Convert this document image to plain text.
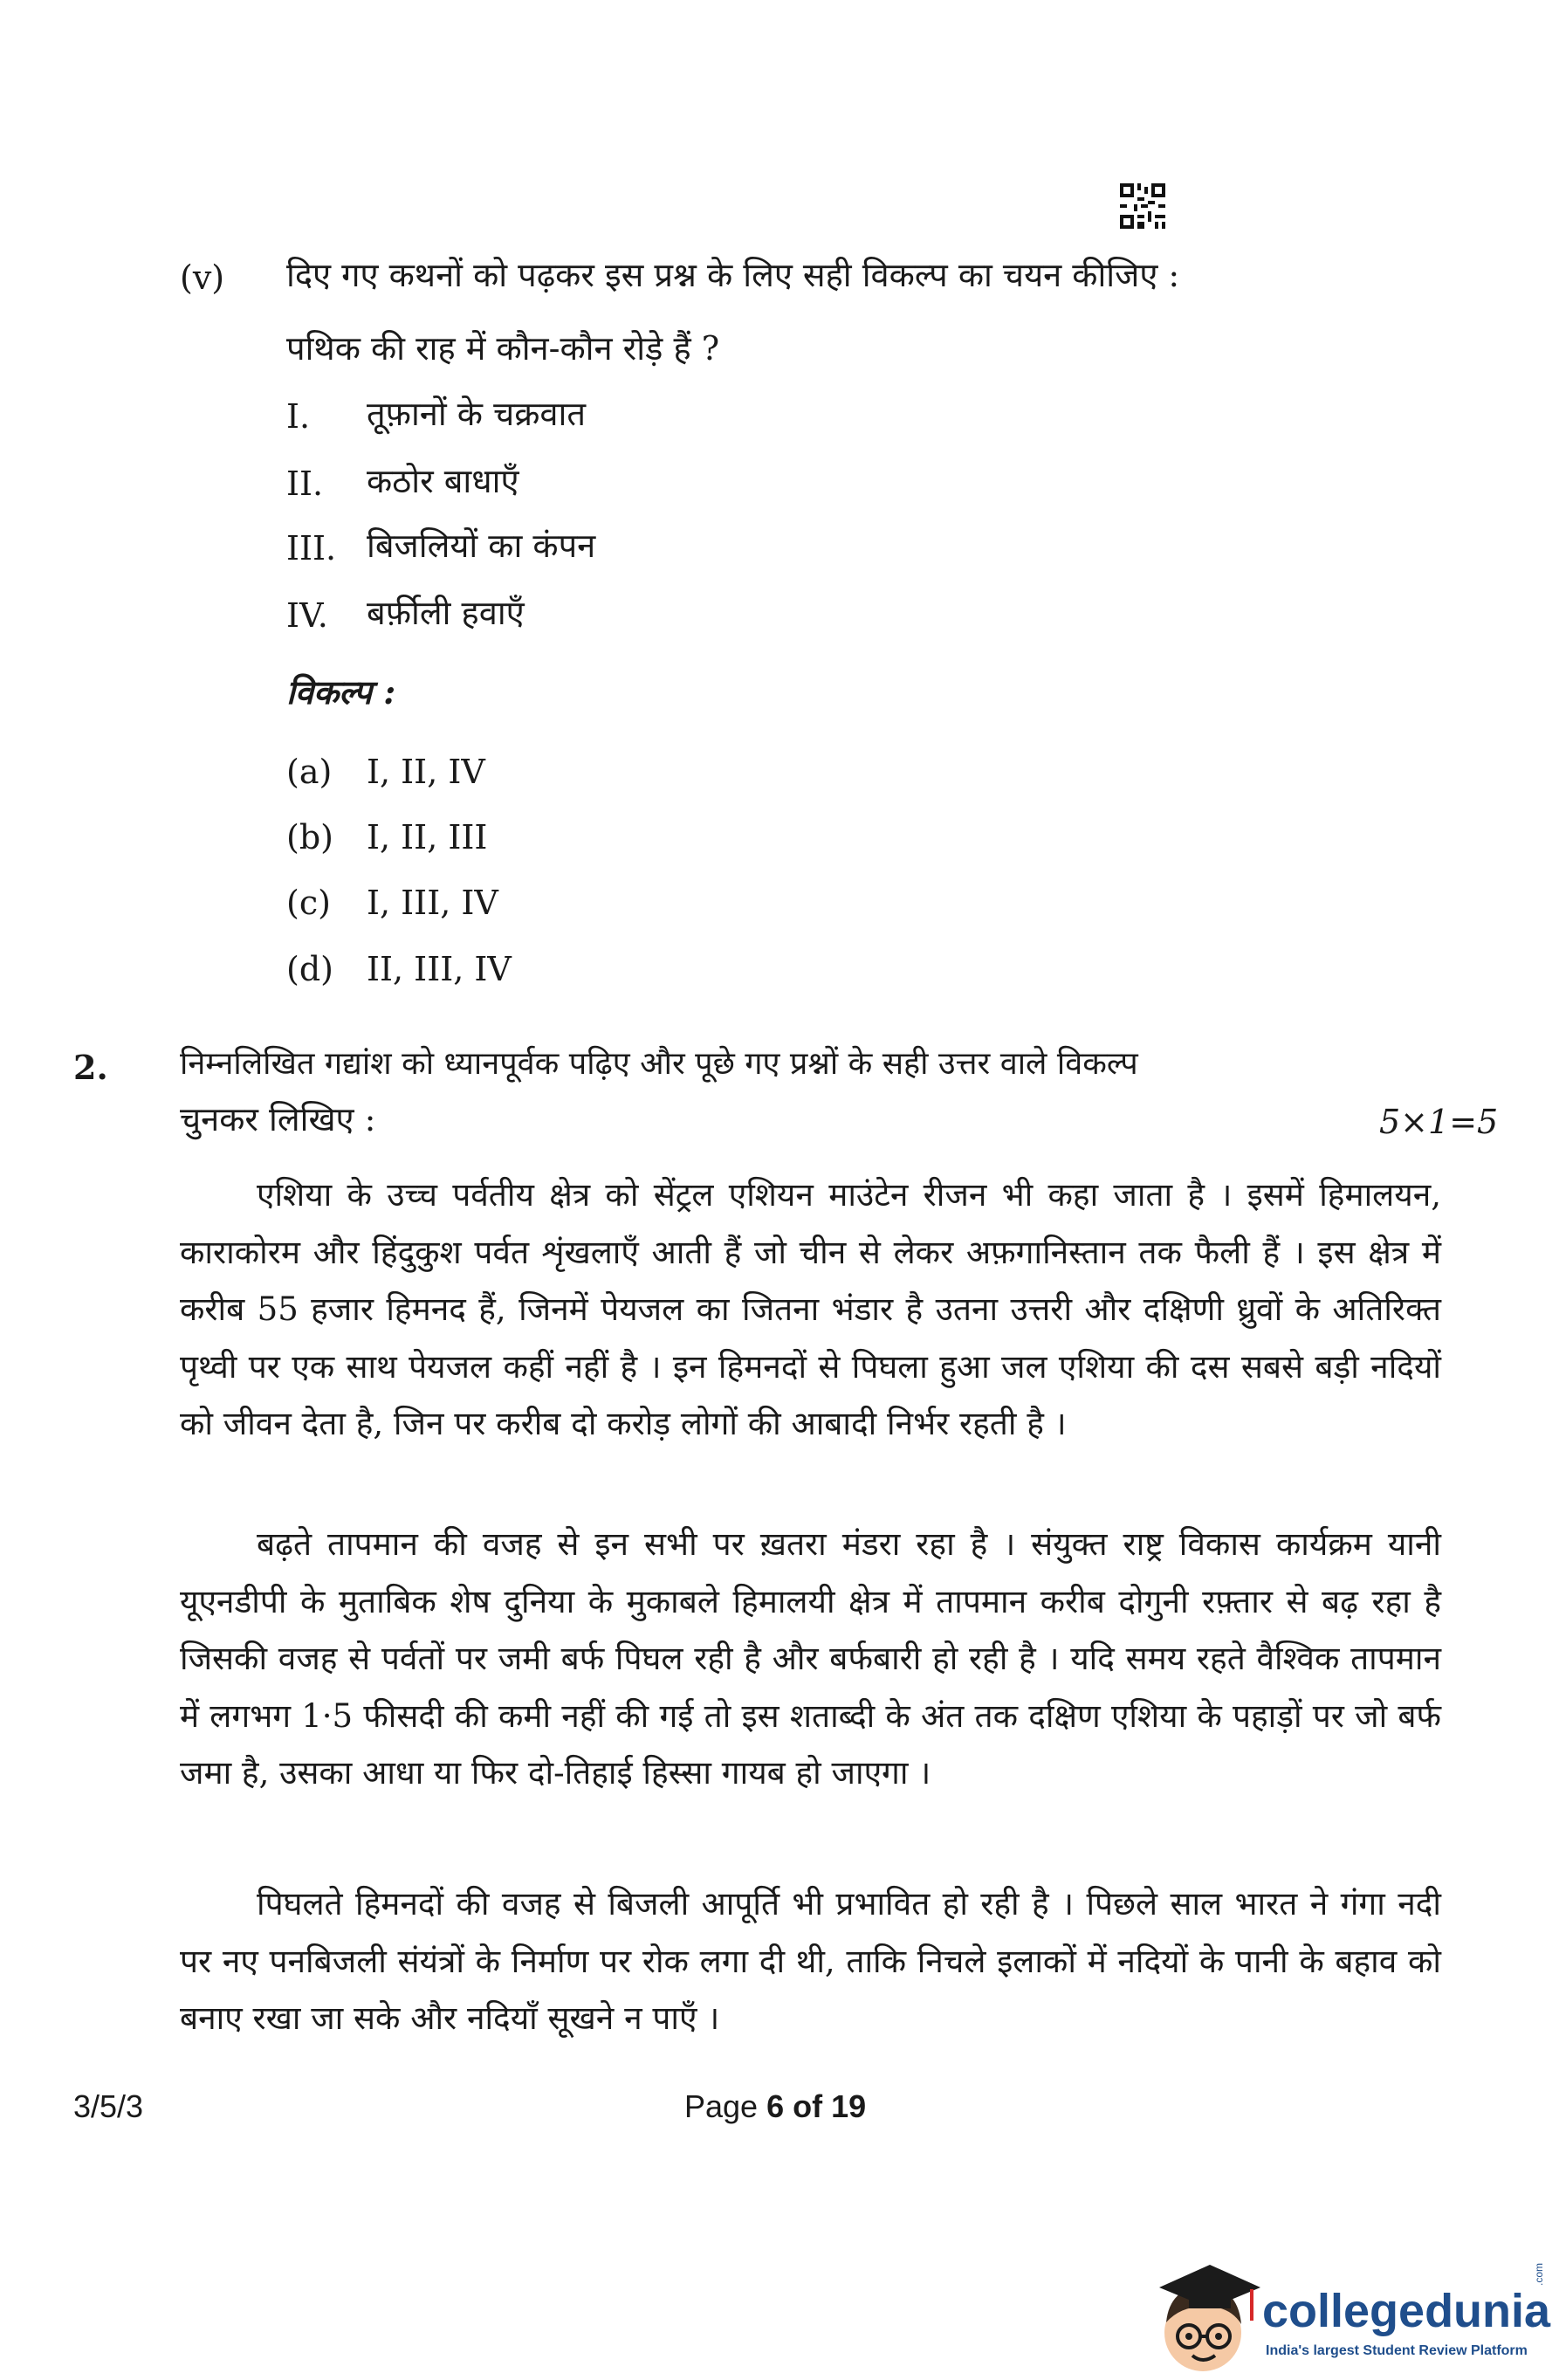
(v) दिए गए कथनों को पढ़कर इस प्रश्न के लिए सही विकल्प का चयन कीजिए :
पथिक की राह में कौन-कौन रोड़े हैं ?
I. तूफ़ानों के चक्रवात
II. कठोर बाधाएँ
III. बिजलियों का कंपन
IV. बर्फ़ीली हवाएँ
विकल्प :
(a) I, II, IV
(b) I, II, III
(c) I, III, IV
(d) II, III, IV
2. निम्नलिखित गद्यांश को ध्यानपूर्वक पढ़िए और पूछे गए प्रश्नों के सही उत्तर वाले विकल्प
चुनकर लिखिए :	5×1=5
एशिया के उच्च पर्वतीय क्षेत्र को सेंट्रल एशियन माउंटेन रीजन भी कहा जाता है । इसमें हिमालयन, काराकोरम और हिंदुकुश पर्वत शृंखलाएँ आती हैं जो चीन से लेकर अफ़गानिस्तान तक फैली हैं । इस क्षेत्र में करीब 55 हजार हिमनद हैं, जिनमें पेयजल का जितना भंडार है उतना उत्तरी और दक्षिणी ध्रुवों के अतिरिक्त पृथ्वी पर एक साथ पेयजल कहीं नहीं है । इन हिमनदों से पिघला हुआ जल एशिया की दस सबसे बड़ी नदियों को जीवन देता है, जिन पर करीब दो करोड़ लोगों की आबादी निर्भर रहती है ।
बढ़ते तापमान की वजह से इन सभी पर ख़तरा मंडरा रहा है । संयुक्त राष्ट्र विकास कार्यक्रम यानी यूएनडीपी के मुताबिक शेष दुनिया के मुकाबले हिमालयी क्षेत्र में तापमान करीब दोगुनी रफ़्तार से बढ़ रहा है जिसकी वजह से पर्वतों पर जमी बर्फ पिघल रही है और बर्फबारी हो रही है । यदि समय रहते वैश्विक तापमान में लगभग 1·5 फीसदी की कमी नहीं की गई तो इस शताब्दी के अंत तक दक्षिण एशिया के पहाड़ों पर जो बर्फ जमा है, उसका आधा या फिर दो-तिहाई हिस्सा गायब हो जाएगा ।
पिघलते हिमनदों की वजह से बिजली आपूर्ति भी प्रभावित हो रही है । पिछले साल भारत ने गंगा नदी पर नए पनबिजली संयंत्रों के निर्माण पर रोक लगा दी थी, ताकि निचले इलाकों में नदियों के पानी के बहाव को बनाए रखा जा सके और नदियाँ सूखने न पाएँ ।
3/5/3	Page 6 of 19
collegedunia
.com
India's largest Student Review Platform
